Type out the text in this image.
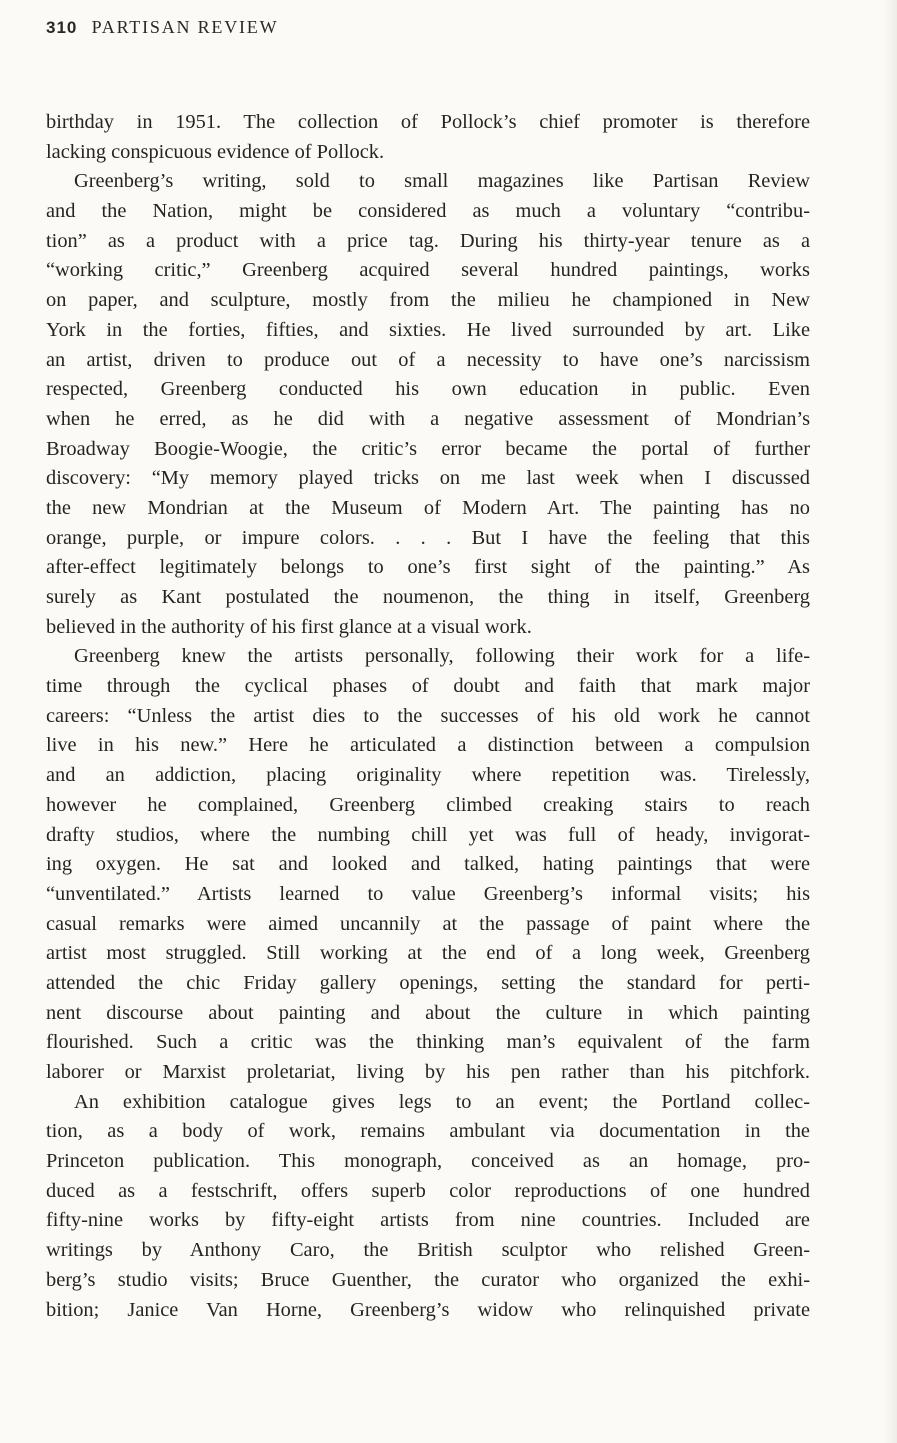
310 PARTISAN REVIEW
birthday in 1951. The collection of Pollock’s chief promoter is therefore
lacking conspicuous evidence of Pollock.
Greenberg’s writing, sold to small magazines like Partisan Review
and the Nation, might be considered as much a voluntary “contribu-
tion” as a product with a price tag. During his thirty-year tenure as a
“working critic,” Greenberg acquired several hundred paintings, works
on paper, and sculpture, mostly from the milieu he championed in New
York in the forties, fifties, and sixties. He lived surrounded by art. Like
an artist, driven to produce out of a necessity to have one’s narcissism
respected, Greenberg conducted his own education in public. Even
when he erred, as he did with a negative assessment of Mondrian’s
Broadway Boogie-Woogie, the critic’s error became the portal of further
discovery: “My memory played tricks on me last week when I discussed
the new Mondrian at the Museum of Modern Art. The painting has no
orange, purple, or impure colors. . . . But I have the feeling that this
after-effect legitimately belongs to one’s first sight of the painting.” As
surely as Kant postulated the noumenon, the thing in itself, Greenberg
believed in the authority of his first glance at a visual work.
Greenberg knew the artists personally, following their work for a life-
time through the cyclical phases of doubt and faith that mark major
careers: “Unless the artist dies to the successes of his old work he cannot
live in his new.” Here he articulated a distinction between a compulsion
and an addiction, placing originality where repetition was. Tirelessly,
however he complained, Greenberg climbed creaking stairs to reach
drafty studios, where the numbing chill yet was full of heady, invigorat-
ing oxygen. He sat and looked and talked, hating paintings that were
“unventilated.” Artists learned to value Greenberg’s informal visits; his
casual remarks were aimed uncannily at the passage of paint where the
artist most struggled. Still working at the end of a long week, Greenberg
attended the chic Friday gallery openings, setting the standard for perti-
nent discourse about painting and about the culture in which painting
flourished. Such a critic was the thinking man’s equivalent of the farm
laborer or Marxist proletariat, living by his pen rather than his pitchfork.
An exhibition catalogue gives legs to an event; the Portland collec-
tion, as a body of work, remains ambulant via documentation in the
Princeton publication. This monograph, conceived as an homage, pro-
duced as a festschrift, offers superb color reproductions of one hundred
fifty-nine works by fifty-eight artists from nine countries. Included are
writings by Anthony Caro, the British sculptor who relished Green-
berg’s studio visits; Bruce Guenther, the curator who organized the exhi-
bition; Janice Van Horne, Greenberg’s widow who relinquished private
